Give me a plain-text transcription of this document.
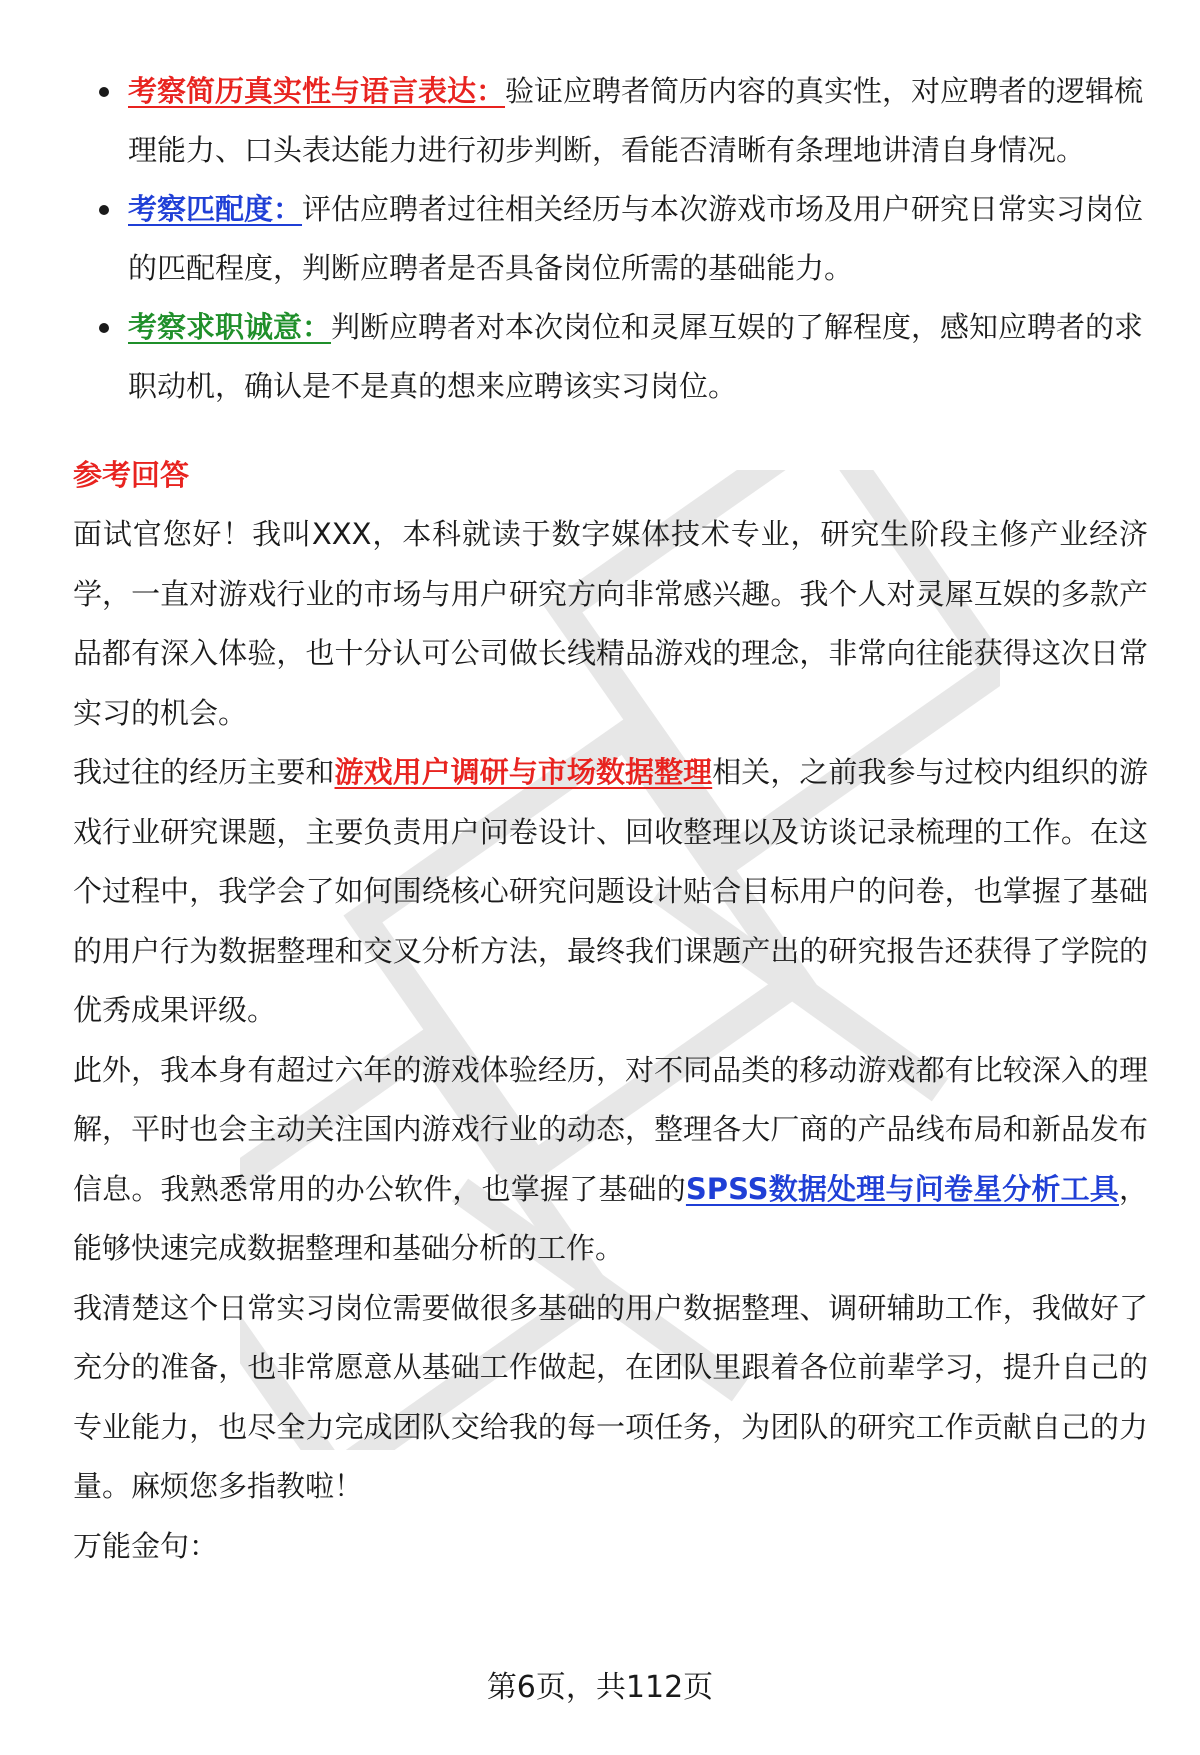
考察简历真实性与语言表达：验证应聘者简历内容的真实性，对应聘者的逻辑梳理能力、口头表达能力进行初步判断，看能否清晰有条理地讲清自身情况。
考察匹配度：评估应聘者过往相关经历与本次游戏市场及用户研究日常实习岗位的匹配程度，判断应聘者是否具备岗位所需的基础能力。
考察求职诚意：判断应聘者对本次岗位和灵犀互娱的了解程度，感知应聘者的求职动机，确认是不是真的想来应聘该实习岗位。
参考回答

面试官您好！我叫XXX，本科就读于数字媒体技术专业，研究生阶段主修产业经济学，一直对游戏行业的市场与用户研究方向非常感兴趣。我个人对灵犀互娱的多款产品都有深入体验，也十分认可公司做长线精品游戏的理念，非常向往能获得这次日常实习的机会。

我过往的经历主要和游戏用户调研与市场数据整理相关，之前我参与过校内组织的游戏行业研究课题，主要负责用户问卷设计、回收整理以及访谈记录梳理的工作。在这个过程中，我学会了如何围绕核心研究问题设计贴合目标用户的问卷，也掌握了基础的用户行为数据整理和交叉分析方法，最终我们课题产出的研究报告还获得了学院的优秀成果评级。

此外，我本身有超过六年的游戏体验经历，对不同品类的移动游戏都有比较深入的理解，平时也会主动关注国内游戏行业的动态，整理各大厂商的产品线布局和新品发布信息。我熟悉常用的办公软件，也掌握了基础的SPSS数据处理与问卷星分析工具，能够快速完成数据整理和基础分析的工作。

我清楚这个日常实习岗位需要做很多基础的用户数据整理、调研辅助工作，我做好了充分的准备，也非常愿意从基础工作做起，在团队里跟着各位前辈学习，提升自己的专业能力，也尽全力完成团队交给我的每一项任务，为团队的研究工作贡献自己的力量。麻烦您多指教啦！

万能金句：

第6页，共112页
